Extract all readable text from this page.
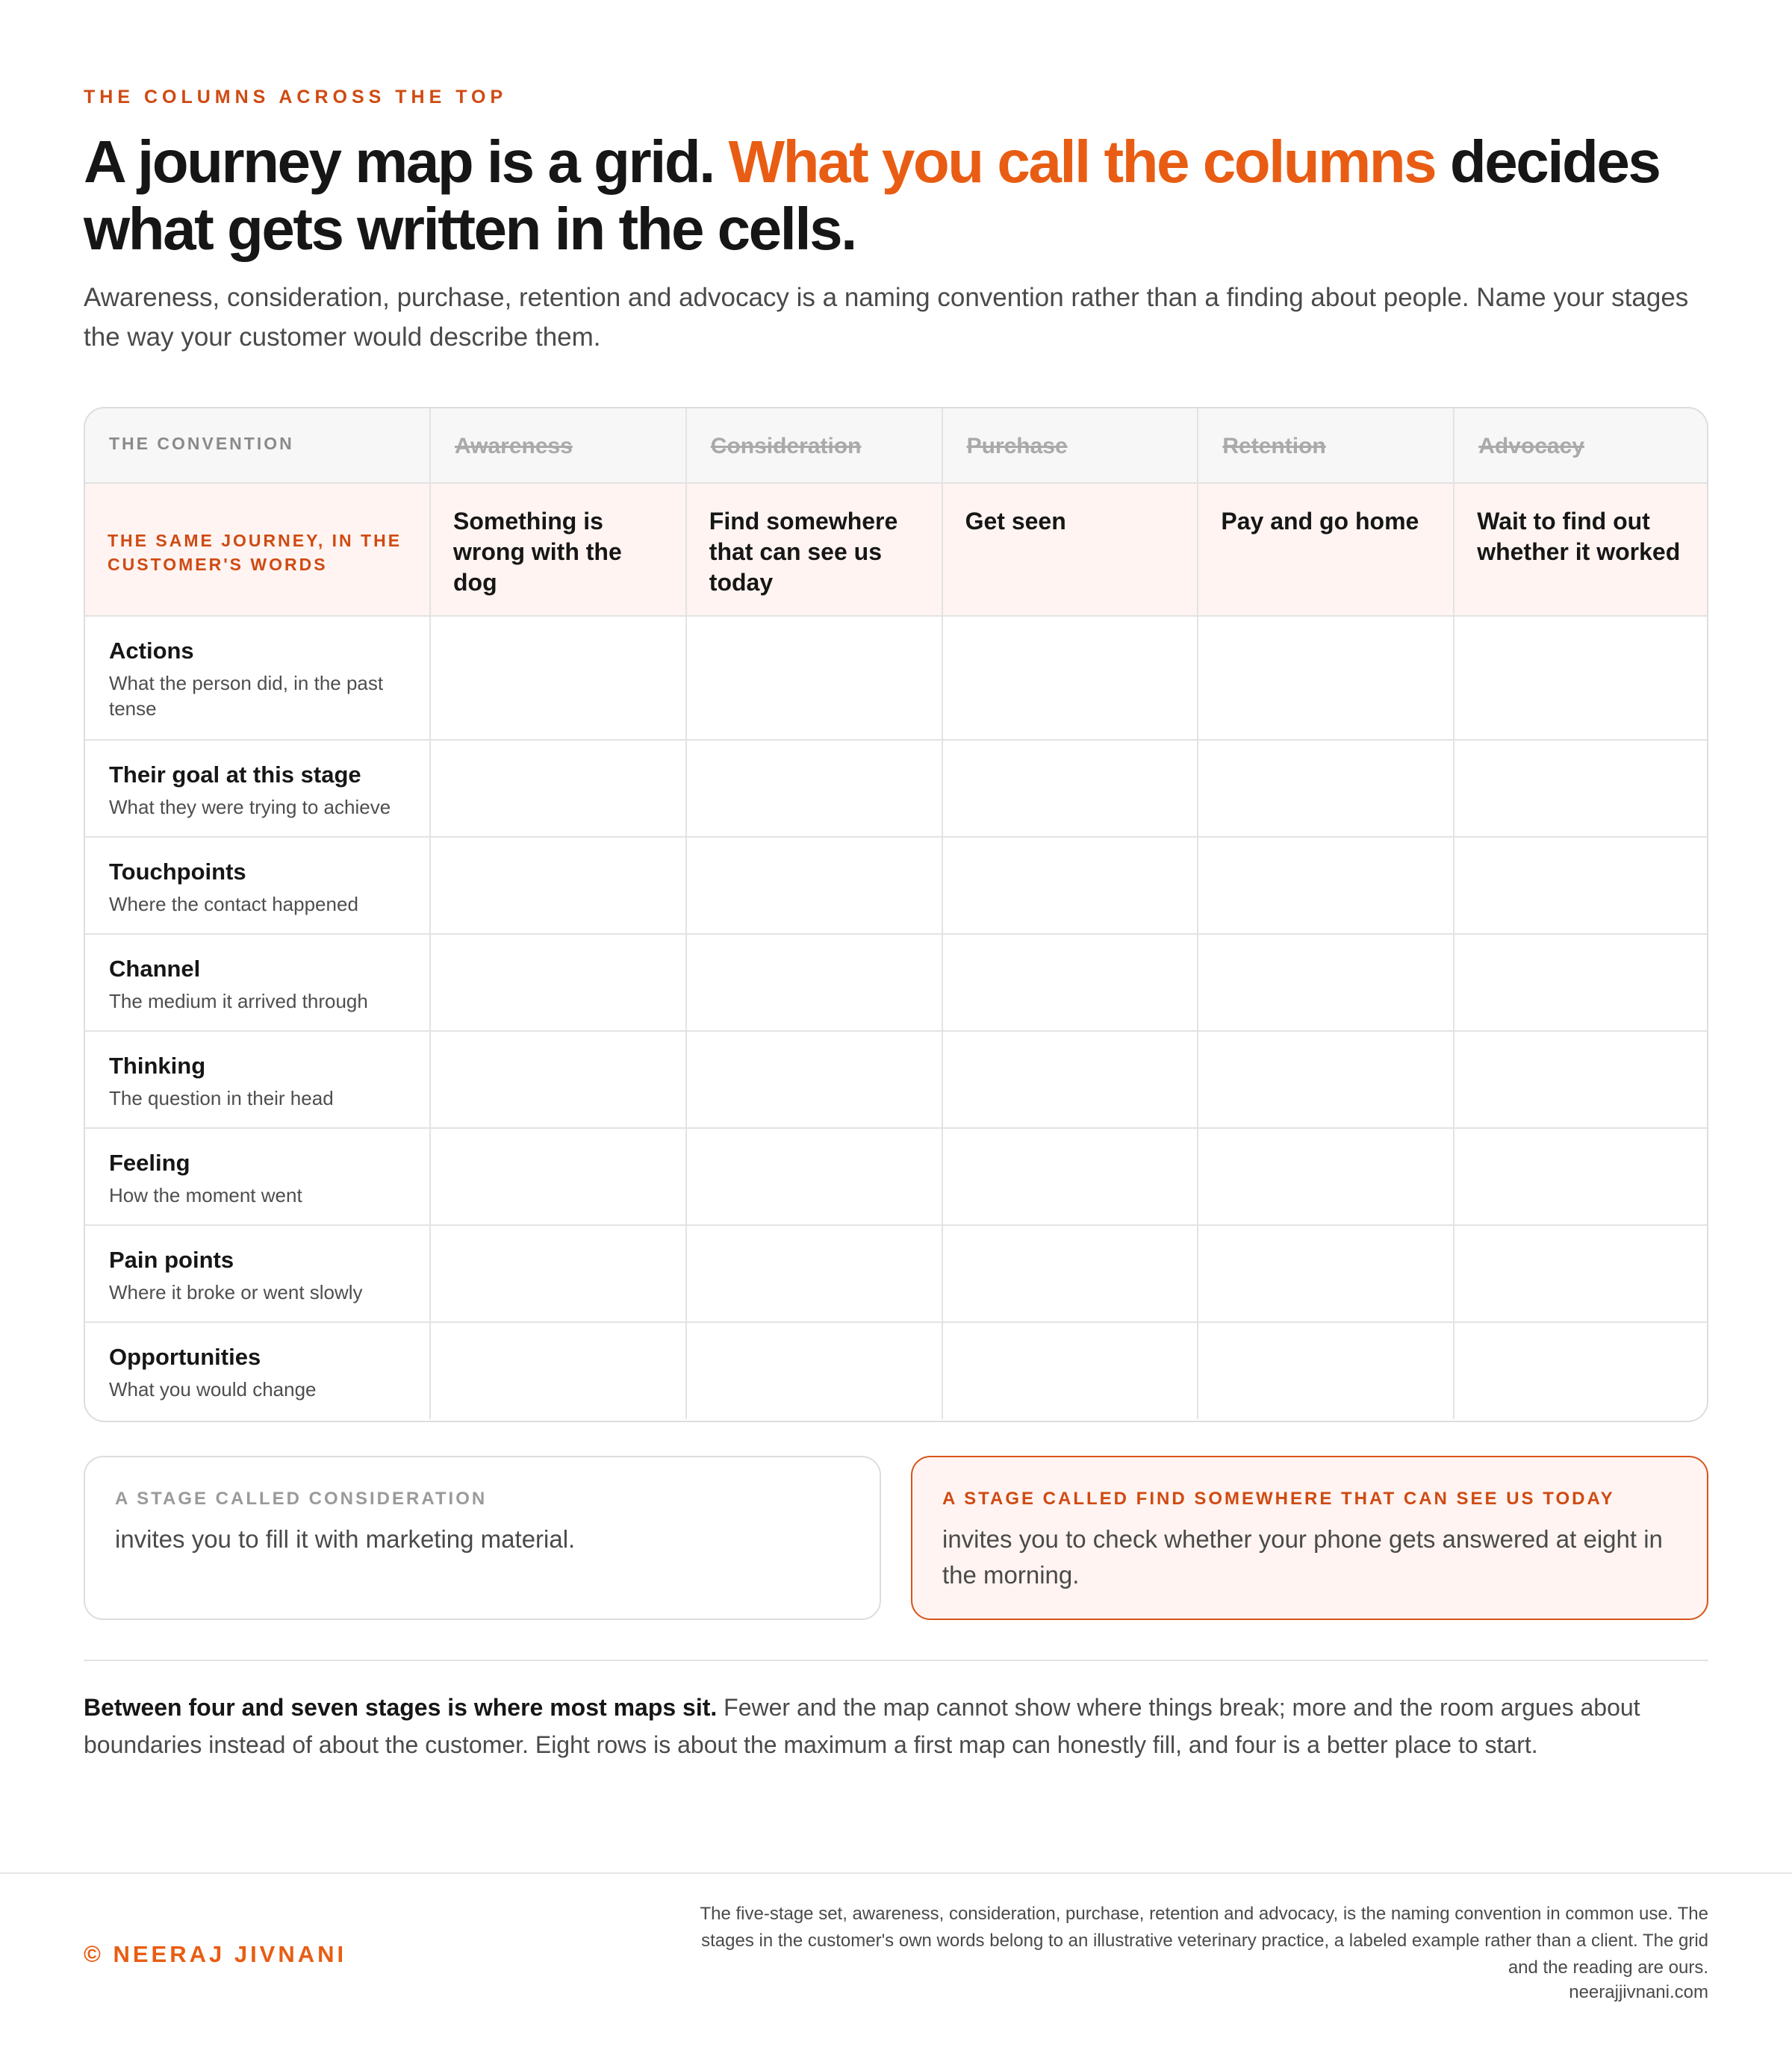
THE COLUMNS ACROSS THE TOP
A journey map is a grid. What you call the columns decides what gets written in the cells.

Awareness, consideration, purchase, retention and advocacy is a naming convention rather than a finding about people. Name your stages the way your customer would describe them.

THE CONVENTION	Awareness	Consideration	Purchase	Retention	Advocacy

THE SAME JOURNEY, IN THE CUSTOMER'S WORDS	Something is wrong with the dog	Find somewhere that can see us today	Get seen	Pay and go home	Wait to find out whether it worked

Actions
What the person did, in the past tense					

Their goal at this stage
What they were trying to achieve					

Touchpoints
Where the contact happened					

Channel
The medium it arrived through					

Thinking
The question in their head					

Feeling
How the moment went					

Pain points
Where it broke or went slowly					

Opportunities
What you would change					

A STAGE CALLED CONSIDERATION
invites you to fill it with marketing material.
A STAGE CALLED FIND SOMEWHERE THAT CAN SEE US TODAY
invites you to check whether your phone gets answered at eight in the morning.

Between four and seven stages is where most maps sit. Fewer and the map cannot show where things break; more and the room argues about boundaries instead of about the customer. Eight rows is about the maximum a first map can honestly fill, and four is a better place to start.

© NEERAJ JIVNANI

The five-stage set, awareness, consideration, purchase, retention and advocacy, is the naming convention in common use. The stages in the customer's own words belong to an illustrative veterinary practice, a labeled example rather than a client. The grid and the reading are ours.

neerajjivnani.com
